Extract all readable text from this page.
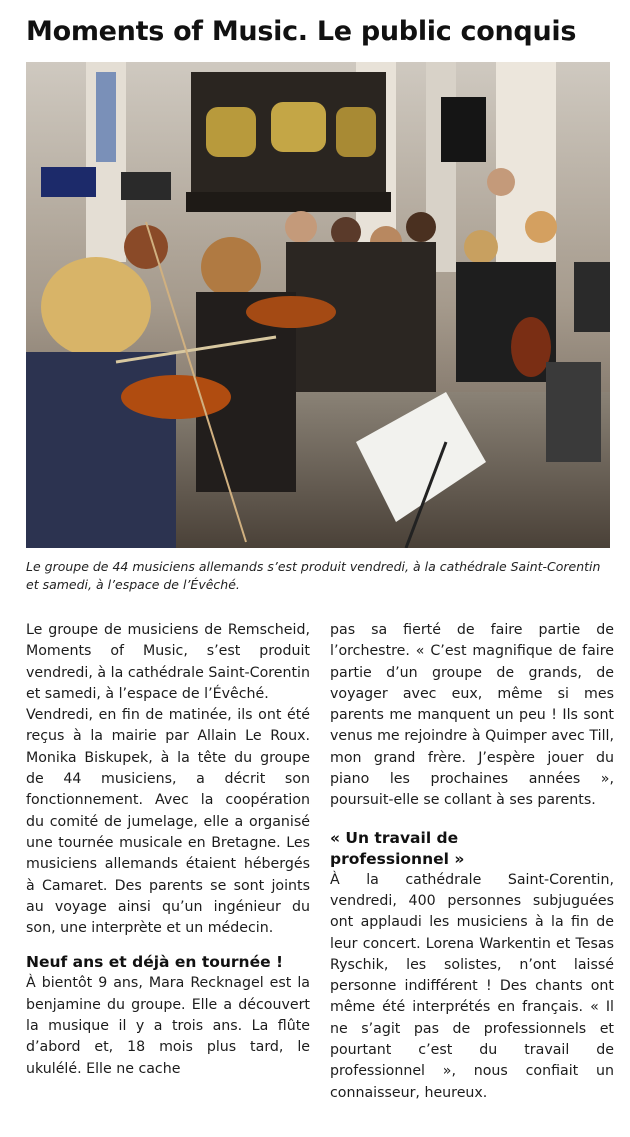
Moments of Music. Le public conquis

Le groupe de 44 musiciens allemands s’est produit vendredi, à la cathédrale Saint-Corentin et samedi, à l’espace de l’Évêché.

Le groupe de musiciens de Remscheid, Moments of Music, s’est produit vendredi, à la cathédrale Saint-Corentin et samedi, à l’espace de l’Évêché.

Vendredi, en fin de matinée, ils ont été reçus à la mairie par Allain Le Roux. Monika Biskupek, à la tête du groupe de 44 musiciens, a décrit son fonctionnement. Avec la coopération du comité de jumelage, elle a organisé une tournée musicale en Bretagne. Les musiciens allemands étaient hébergés à Camaret. Des parents se sont joints au voyage ainsi qu’un ingénieur du son, une interprète et un médecin.

Neuf ans et déjà en tournée !

À bientôt 9 ans, Mara Recknagel est la benjamine du groupe. Elle a découvert la musique il y a trois ans. La flûte d’abord et, 18 mois plus tard, le ukulélé. Elle ne cache

pas sa fierté de faire partie de l’orchestre. « C’est magnifique de faire partie d’un groupe de grands, de voyager avec eux, même si mes parents me manquent un peu ! Ils sont venus me rejoindre à Quimper avec Till, mon grand frère. J’espère jouer du piano les prochaines années », poursuit-elle se collant à ses parents.

« Un travail de professionnel »

À la cathédrale Saint-Corentin, vendredi, 400 personnes subjuguées ont applaudi les musiciens à la fin de leur concert. Lorena Warkentin et Tesas Ryschik, les solistes, n’ont laissé personne indifférent ! Des chants ont même été interprétés en français. « Il ne s’agit pas de professionnels et pourtant c’est du travail de professionnel », nous confiait un connaisseur, heureux.
